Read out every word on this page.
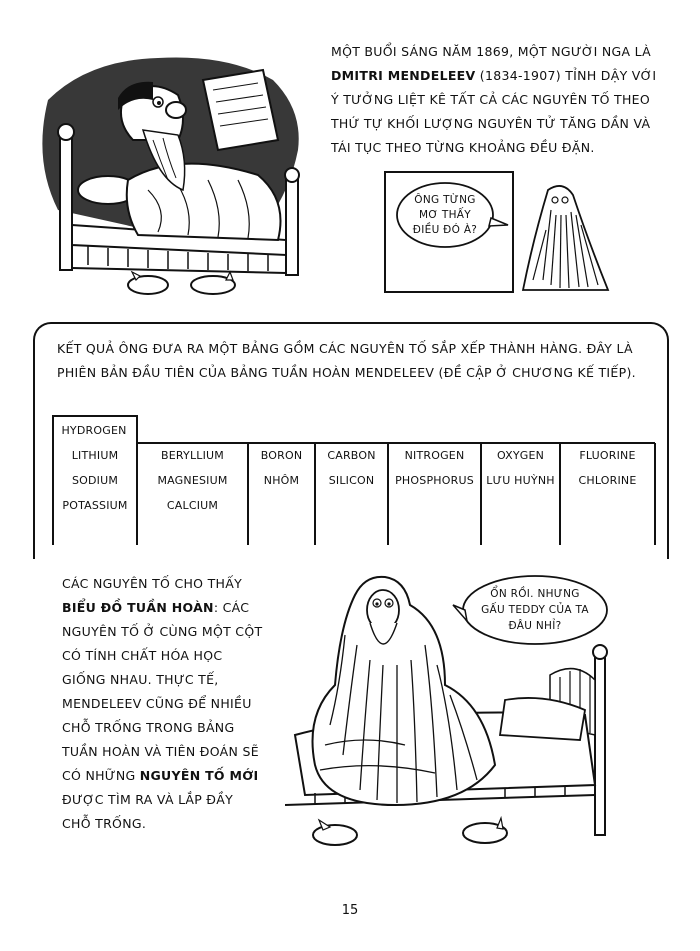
MỘT BUỔI SÁNG NĂM 1869, MỘT NGƯỜI NGA LÀ
DMITRI MENDELEEV (1834-1907) TỈNH DẬY VỚI
Ý TƯỞNG LIỆT KÊ TẤT CẢ CÁC NGUYÊN TỐ THEO
THỨ TỰ KHỐI LƯỢNG NGUYÊN TỬ TĂNG DẦN VÀ
TÁI TỤC THEO TỪNG KHOẢNG ĐỀU ĐẶN.
ÔNG TỪNG
MƠ THẤY
ĐIỀU ĐÓ À?
KẾT QUẢ ÔNG ĐƯA RA MỘT BẢNG GỒM CÁC NGUYÊN TỐ SẮP XẾP THÀNH HÀNG. ĐÂY LÀ
PHIÊN BẢN ĐẦU TIÊN CỦA BẢNG TUẦN HOÀN MENDELEEV (ĐỀ CẬP Ở CHƯƠNG KẾ TIẾP).
HYDROGEN
LITHIUM
SODIUM
POTASSIUM
BERYLLIUM
MAGNESIUM
CALCIUM
BORON
NHÔM
CARBON
SILICON
NITROGEN
PHOSPHORUS
OXYGEN
LƯU HUỲNH
FLUORINE
CHLORINE
CÁC NGUYÊN TỐ CHO THẤY
BIỂU ĐỒ TUẦN HOÀN: CÁC
NGUYÊN TỐ Ở CÙNG MỘT CỘT
CÓ TÍNH CHẤT HÓA HỌC
GIỐNG NHAU. THỰC TẾ,
MENDELEEV CŨNG ĐỂ NHIỀU
CHỖ TRỐNG TRONG BẢNG
TUẦN HOÀN VÀ TIÊN ĐOÁN SẼ
CÓ NHỮNG NGUYÊN TỐ MỚI
ĐƯỢC TÌM RA VÀ LẮP ĐẦY
CHỖ TRỐNG.
ỔN RỒI. NHƯNG
GẤU TEDDY CỦA TA
ĐÂU NHỈ?
15
